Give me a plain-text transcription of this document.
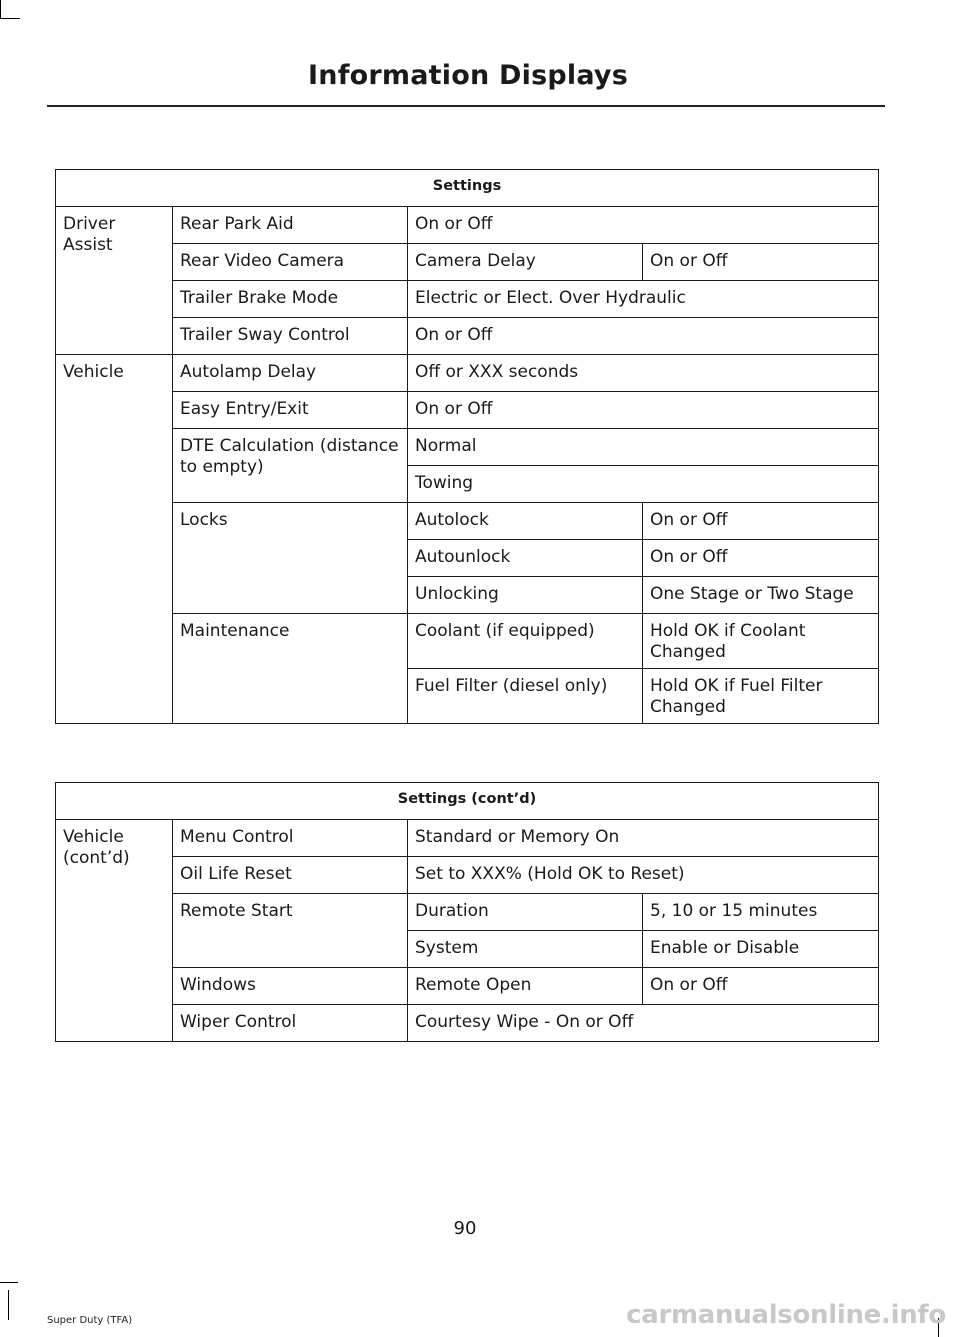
Information Displays
Settings			
Driver Assist	Rear Park Aid	On or Off	
	Rear Video Camera	Camera Delay	On or Off
	Trailer Brake Mode	Electric or Elect. Over Hydraulic	
	Trailer Sway Control	On or Off	
Vehicle	Autolamp Delay	Off or XXX seconds	
	Easy Entry/Exit	On or Off	
	DTE Calculation (distance to empty)	Normal	
		Towing	
	Locks	Autolock	On or Off
		Autounlock	On or Off
		Unlocking	One Stage or Two Stage
	Maintenance	Coolant (if equipped)	Hold OK if Coolant Changed
		Fuel Filter (diesel only)	Hold OK if Fuel Filter Changed
Settings (cont’d)			
Vehicle (cont’d)	Menu Control	Standard or Memory On	
	Oil Life Reset	Set to XXX% (Hold OK to Reset)	
	Remote Start	Duration	5, 10 or 15 minutes
		System	Enable or Disable
	Windows	Remote Open	On or Off
	Wiper Control	Courtesy Wipe - On or Off	
90
Super Duty (TFA)	carmanualsonline.info
